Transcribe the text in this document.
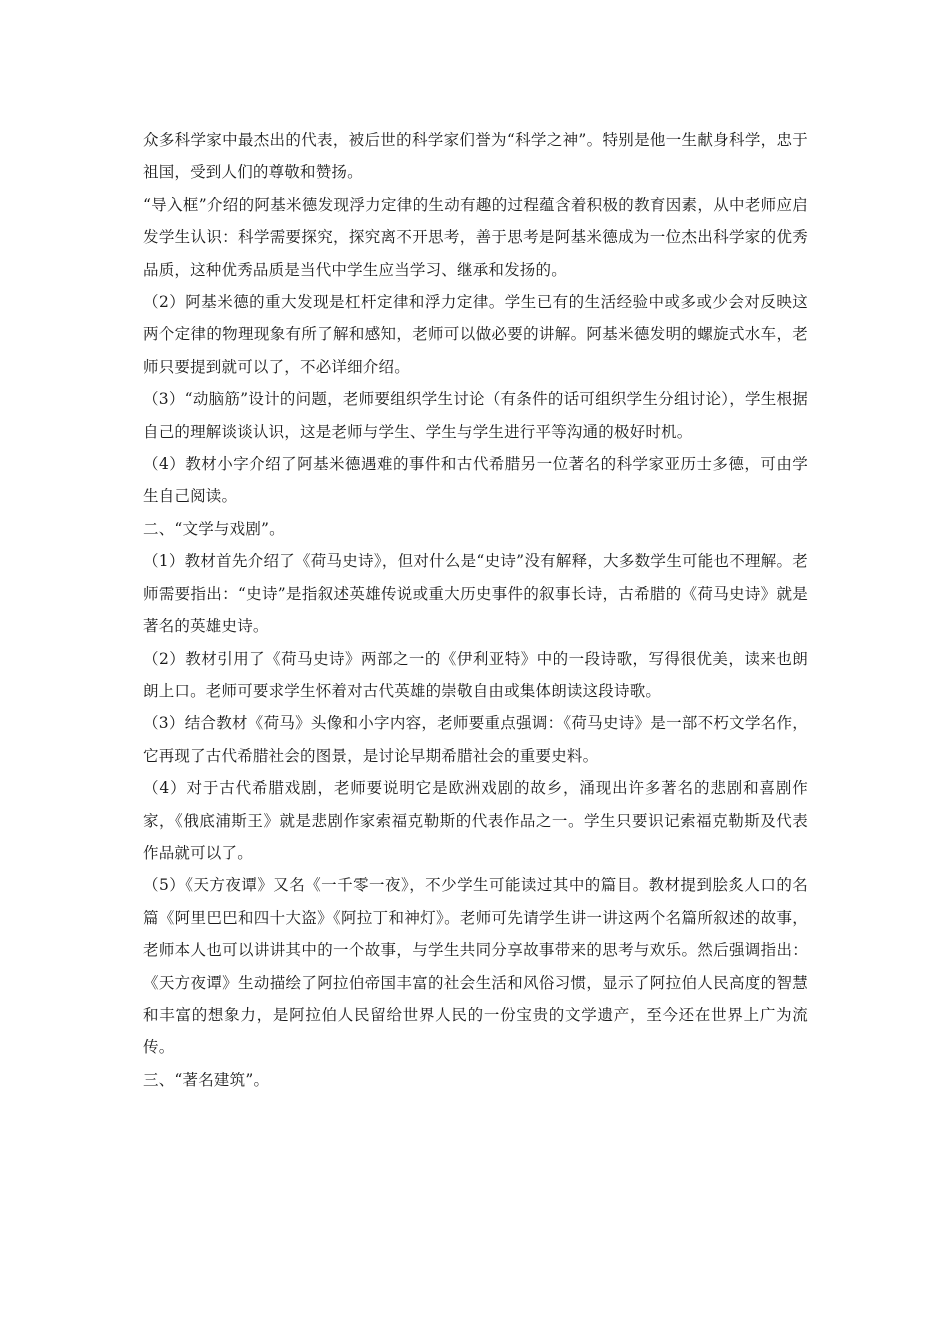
众多科学家中最杰出的代表，被后世的科学家们誉为“科学之神”。特别是他一生献身科学，忠于祖国，受到人们的尊敬和赞扬。

“导入框”介绍的阿基米德发现浮力定律的生动有趣的过程蕴含着积极的教育因素，从中老师应启发学生认识：科学需要探究，探究离不开思考，善于思考是阿基米德成为一位杰出科学家的优秀品质，这种优秀品质是当代中学生应当学习、继承和发扬的。

（2）阿基米德的重大发现是杠杆定律和浮力定律。学生已有的生活经验中或多或少会对反映这两个定律的物理现象有所了解和感知，老师可以做必要的讲解。阿基米德发明的螺旋式水车，老师只要提到就可以了，不必详细介绍。

（3）“动脑筋”设计的问题，老师要组织学生讨论（有条件的话可组织学生分组讨论），学生根据自己的理解谈谈认识，这是老师与学生、学生与学生进行平等沟通的极好时机。

（4）教材小字介绍了阿基米德遇难的事件和古代希腊另一位著名的科学家亚历士多德，可由学生自己阅读。

二、“文学与戏剧”。

（1）教材首先介绍了《荷马史诗》，但对什么是“史诗”没有解释，大多数学生可能也不理解。老师需要指出：“史诗”是指叙述英雄传说或重大历史事件的叙事长诗，古希腊的《荷马史诗》就是著名的英雄史诗。

（2）教材引用了《荷马史诗》两部之一的《伊利亚特》中的一段诗歌，写得很优美，读来也朗朗上口。老师可要求学生怀着对古代英雄的崇敬自由或集体朗读这段诗歌。

（3）结合教材《荷马》头像和小字内容，老师要重点强调：《荷马史诗》是一部不朽文学名作，它再现了古代希腊社会的图景，是讨论早期希腊社会的重要史料。

（4）对于古代希腊戏剧，老师要说明它是欧洲戏剧的故乡，涌现出许多著名的悲剧和喜剧作家，《俄底浦斯王》就是悲剧作家索福克勒斯的代表作品之一。学生只要识记索福克勒斯及代表作品就可以了。

（5）《天方夜谭》又名《一千零一夜》，不少学生可能读过其中的篇目。教材提到脍炙人口的名篇《阿里巴巴和四十大盗》《阿拉丁和神灯》。老师可先请学生讲一讲这两个名篇所叙述的故事，老师本人也可以讲讲其中的一个故事，与学生共同分享故事带来的思考与欢乐。然后强调指出：《天方夜谭》生动描绘了阿拉伯帝国丰富的社会生活和风俗习惯，显示了阿拉伯人民高度的智慧和丰富的想象力，是阿拉伯人民留给世界人民的一份宝贵的文学遗产，至今还在世界上广为流传。

三、“著名建筑”。
